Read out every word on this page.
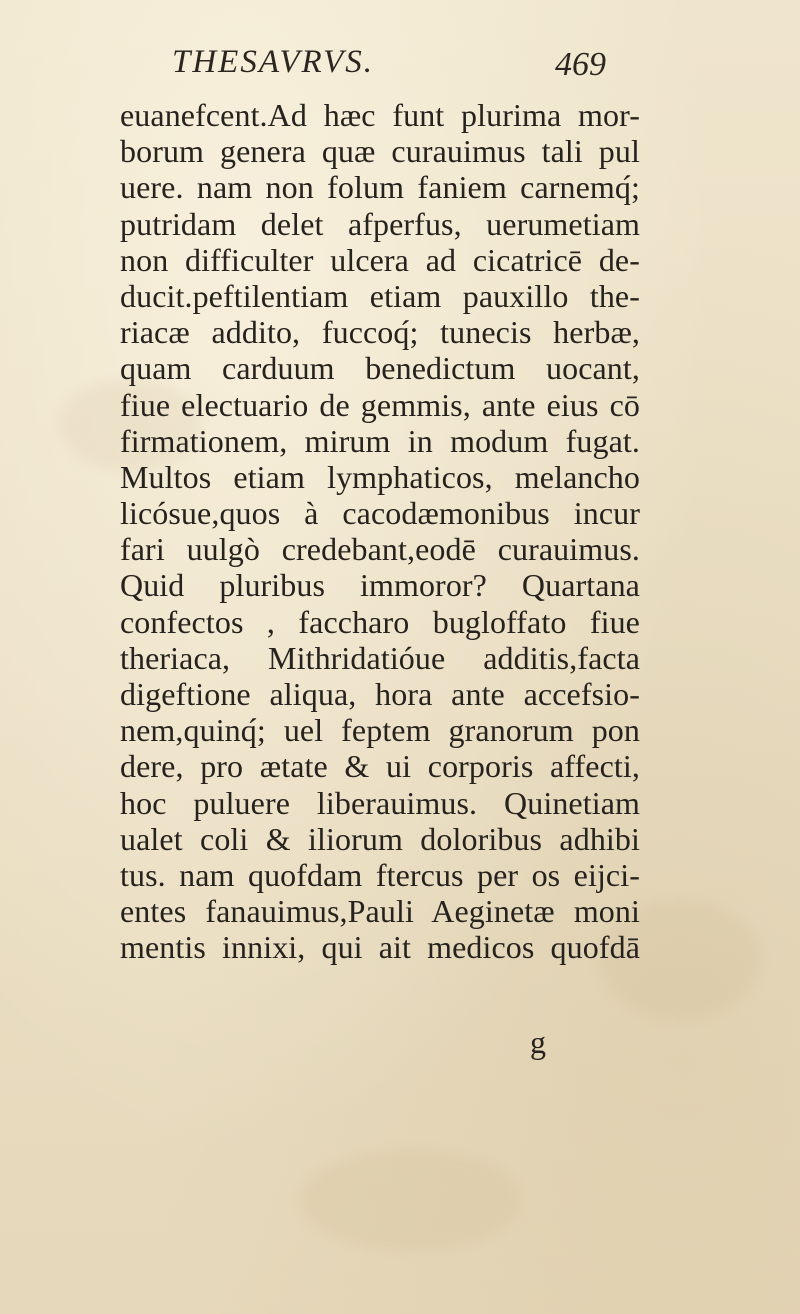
THESAVRVS.	469
euanefcent.Ad hæc funt plurima mor-
borum genera quæ curauimus tali pul
uere. nam non folum faniem carnemq́;
putridam delet afperfus, uerumetiam
non difficulter ulcera ad cicatricē de-
ducit.peftilentiam etiam pauxillo the-
riacæ addito, fuccoq́; tunecis herbæ,
quam carduum benedictum uocant,
fiue electuario de gemmis, ante eius cō
firmationem, mirum in modum fugat.
Multos etiam lymphaticos, melancho
licósue,quos à cacodæmonibus incur
fari uulgò credebant,eodē curauimus.
Quid pluribus immoror? Quartana
confectos , faccharo bugloffato fiue
theriaca, Mithridatióue additis,facta
digeftione aliqua, hora ante accefsio-
nem,quinq́; uel feptem granorum pon
dere, pro ætate & ui corporis affecti,
hoc puluere liberauimus. Quinetiam
ualet coli & iliorum doloribus adhibi
tus. nam quofdam ftercus per os eijci-
entes fanauimus,Pauli Aeginetæ moni
mentis innixi, qui ait medicos quofdā
g
